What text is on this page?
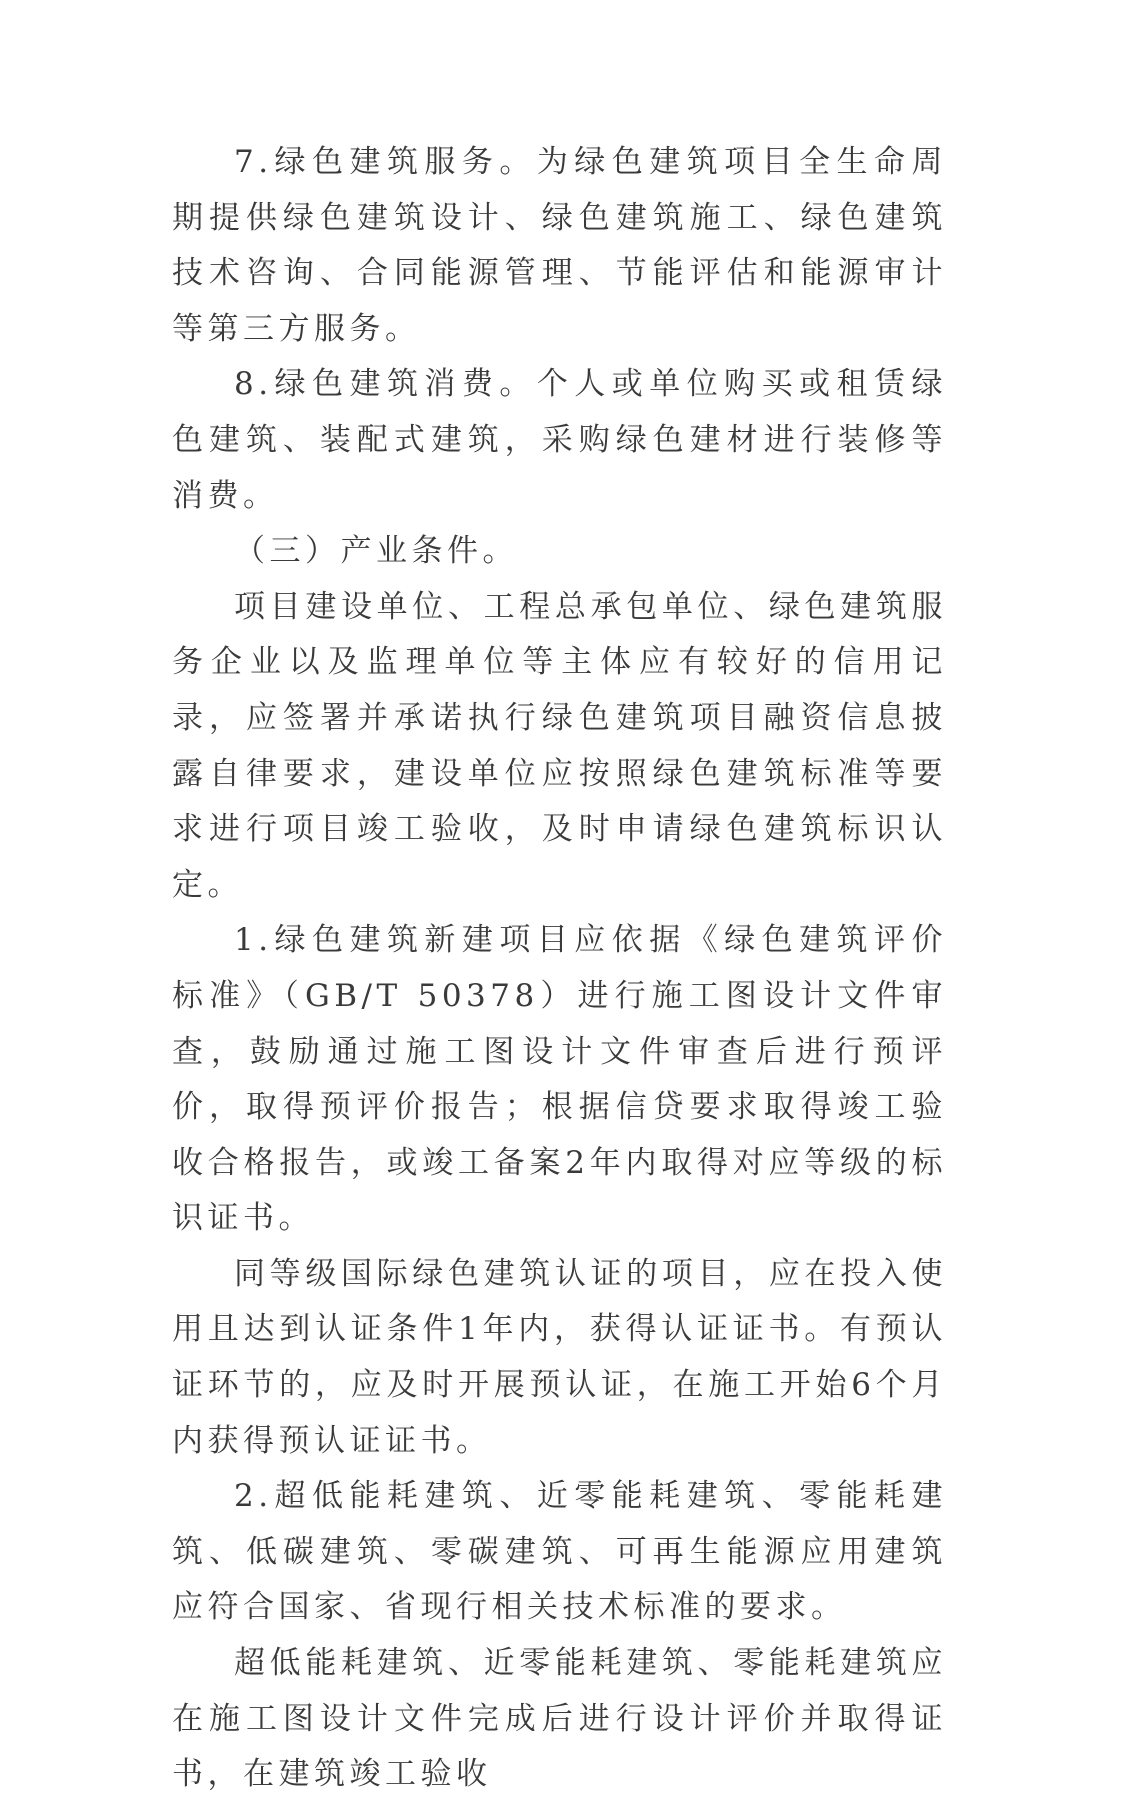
7.绿色建筑服务。为绿色建筑项目全生命周期提供绿色建筑设计、绿色建筑施工、绿色建筑技术咨询、合同能源管理、节能评估和能源审计等第三方服务。

8.绿色建筑消费。个人或单位购买或租赁绿色建筑、装配式建筑，采购绿色建材进行装修等消费。

（三）产业条件。

项目建设单位、工程总承包单位、绿色建筑服务企业以及监理单位等主体应有较好的信用记录，应签署并承诺执行绿色建筑项目融资信息披露自律要求，建设单位应按照绿色建筑标准等要求进行项目竣工验收，及时申请绿色建筑标识认定。

1.绿色建筑新建项目应依据《绿色建筑评价标准》（GB/T 50378）进行施工图设计文件审查，鼓励通过施工图设计文件审查后进行预评价，取得预评价报告；根据信贷要求取得竣工验收合格报告，或竣工备案2年内取得对应等级的标识证书。

同等级国际绿色建筑认证的项目，应在投入使用且达到认证条件1年内，获得认证证书。有预认证环节的，应及时开展预认证，在施工开始6个月内获得预认证证书。

2.超低能耗建筑、近零能耗建筑、零能耗建筑、低碳建筑、零碳建筑、可再生能源应用建筑应符合国家、省现行相关技术标准的要求。

超低能耗建筑、近零能耗建筑、零能耗建筑应在施工图设计文件完成后进行设计评价并取得证书，在建筑竣工验收
